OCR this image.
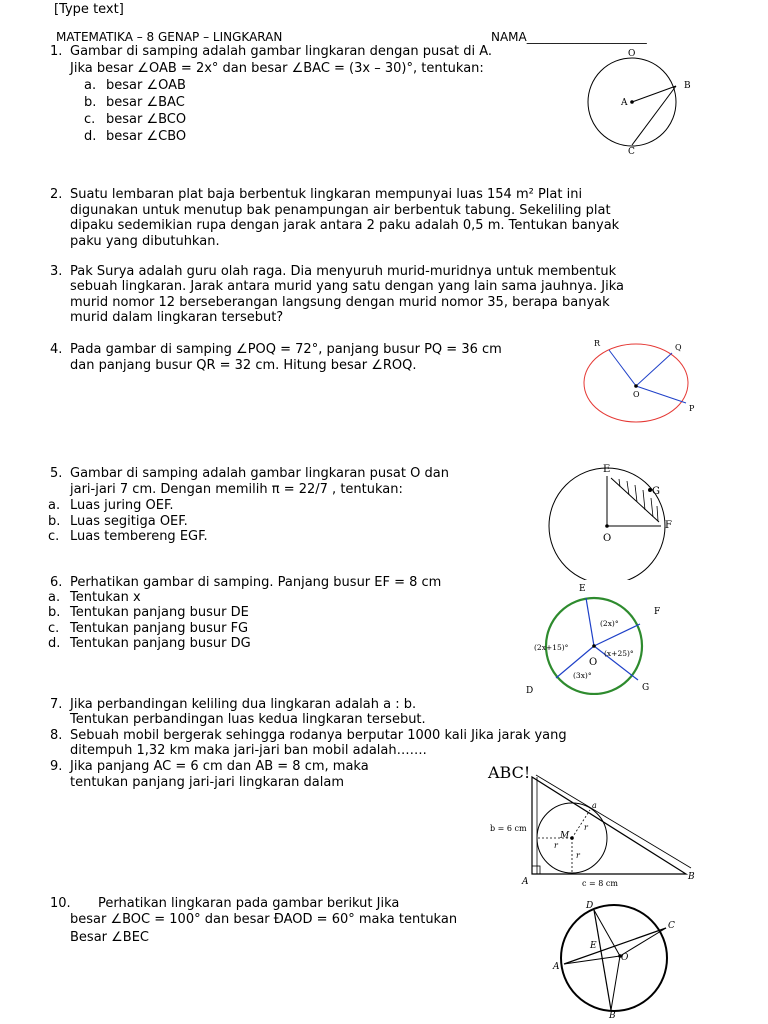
[Type text]
MATEMATIKA – 8 GENAP – LINGKARAN	NAMA____________________
1. Gambar di samping adalah gambar lingkaran dengan pusat di A.
Jika besar ∠OAB = 2x° dan besar ∠BAC = (3x – 30)°, tentukan:
a. besar ∠OAB
b. besar ∠BAC
c. besar ∠BCO
d. besar ∠CBO
O
A
B
C
2. Suatu lembaran plat baja berbentuk lingkaran mempunyai luas 154 m² Plat ini
digunakan untuk menutup bak penampungan air berbentuk tabung. Sekeliling plat
dipaku sedemikian rupa dengan jarak antara 2 paku adalah 0,5 m. Tentukan banyak
paku yang dibutuhkan.
3. Pak Surya adalah guru olah raga. Dia menyuruh murid-muridnya untuk membentuk
sebuah lingkaran. Jarak antara murid yang satu dengan yang lain sama jauhnya. Jika
murid nomor 12 berseberangan langsung dengan murid nomor 35, berapa banyak
murid dalam lingkaran tersebut?
4. Pada gambar di samping ∠POQ = 72°, panjang busur PQ = 36 cm
dan panjang busur QR = 32 cm. Hitung besar ∠ROQ.
R	Q
O
P
5. Gambar di samping adalah gambar lingkaran pusat O dan
jari-jari 7 cm. Dengan memilih π = 22/7 , tentukan:
a. Luas juring OEF.
b. Luas segitiga OEF.
c. Luas tembereng EGF.
E
G
F
O
6. Perhatikan gambar di samping. Panjang busur EF = 8 cm
a. Tentukan x
b. Tentukan panjang busur DE
c. Tentukan panjang busur FG
d. Tentukan panjang busur DG
E
F
D	G
O
(2x)°
(2x+15)°
(x+25)°
(3x)°
7. Jika perbandingan keliling dua lingkaran adalah a : b.
Tentukan perbandingan luas kedua lingkaran tersebut.
8. Sebuah mobil bergerak sehingga rodanya berputar 1000 kali Jika jarak yang
ditempuh 1,32 km maka jari-jari ban mobil adalah…….
9. Jika panjang AC = 6 cm dan AB = 8 cm, maka
tentukan panjang jari-jari lingkaran dalam
ABC!
M
r
r
r
a
A	B
b = 6 cm
c = 8 cm
10. Perhatikan lingkaran pada gambar berikut Jika
besar ∠BOC = 100° dan besar ĐAOD = 60° maka tentukan
Besar ∠BEC
D
C
E
O
A
B
